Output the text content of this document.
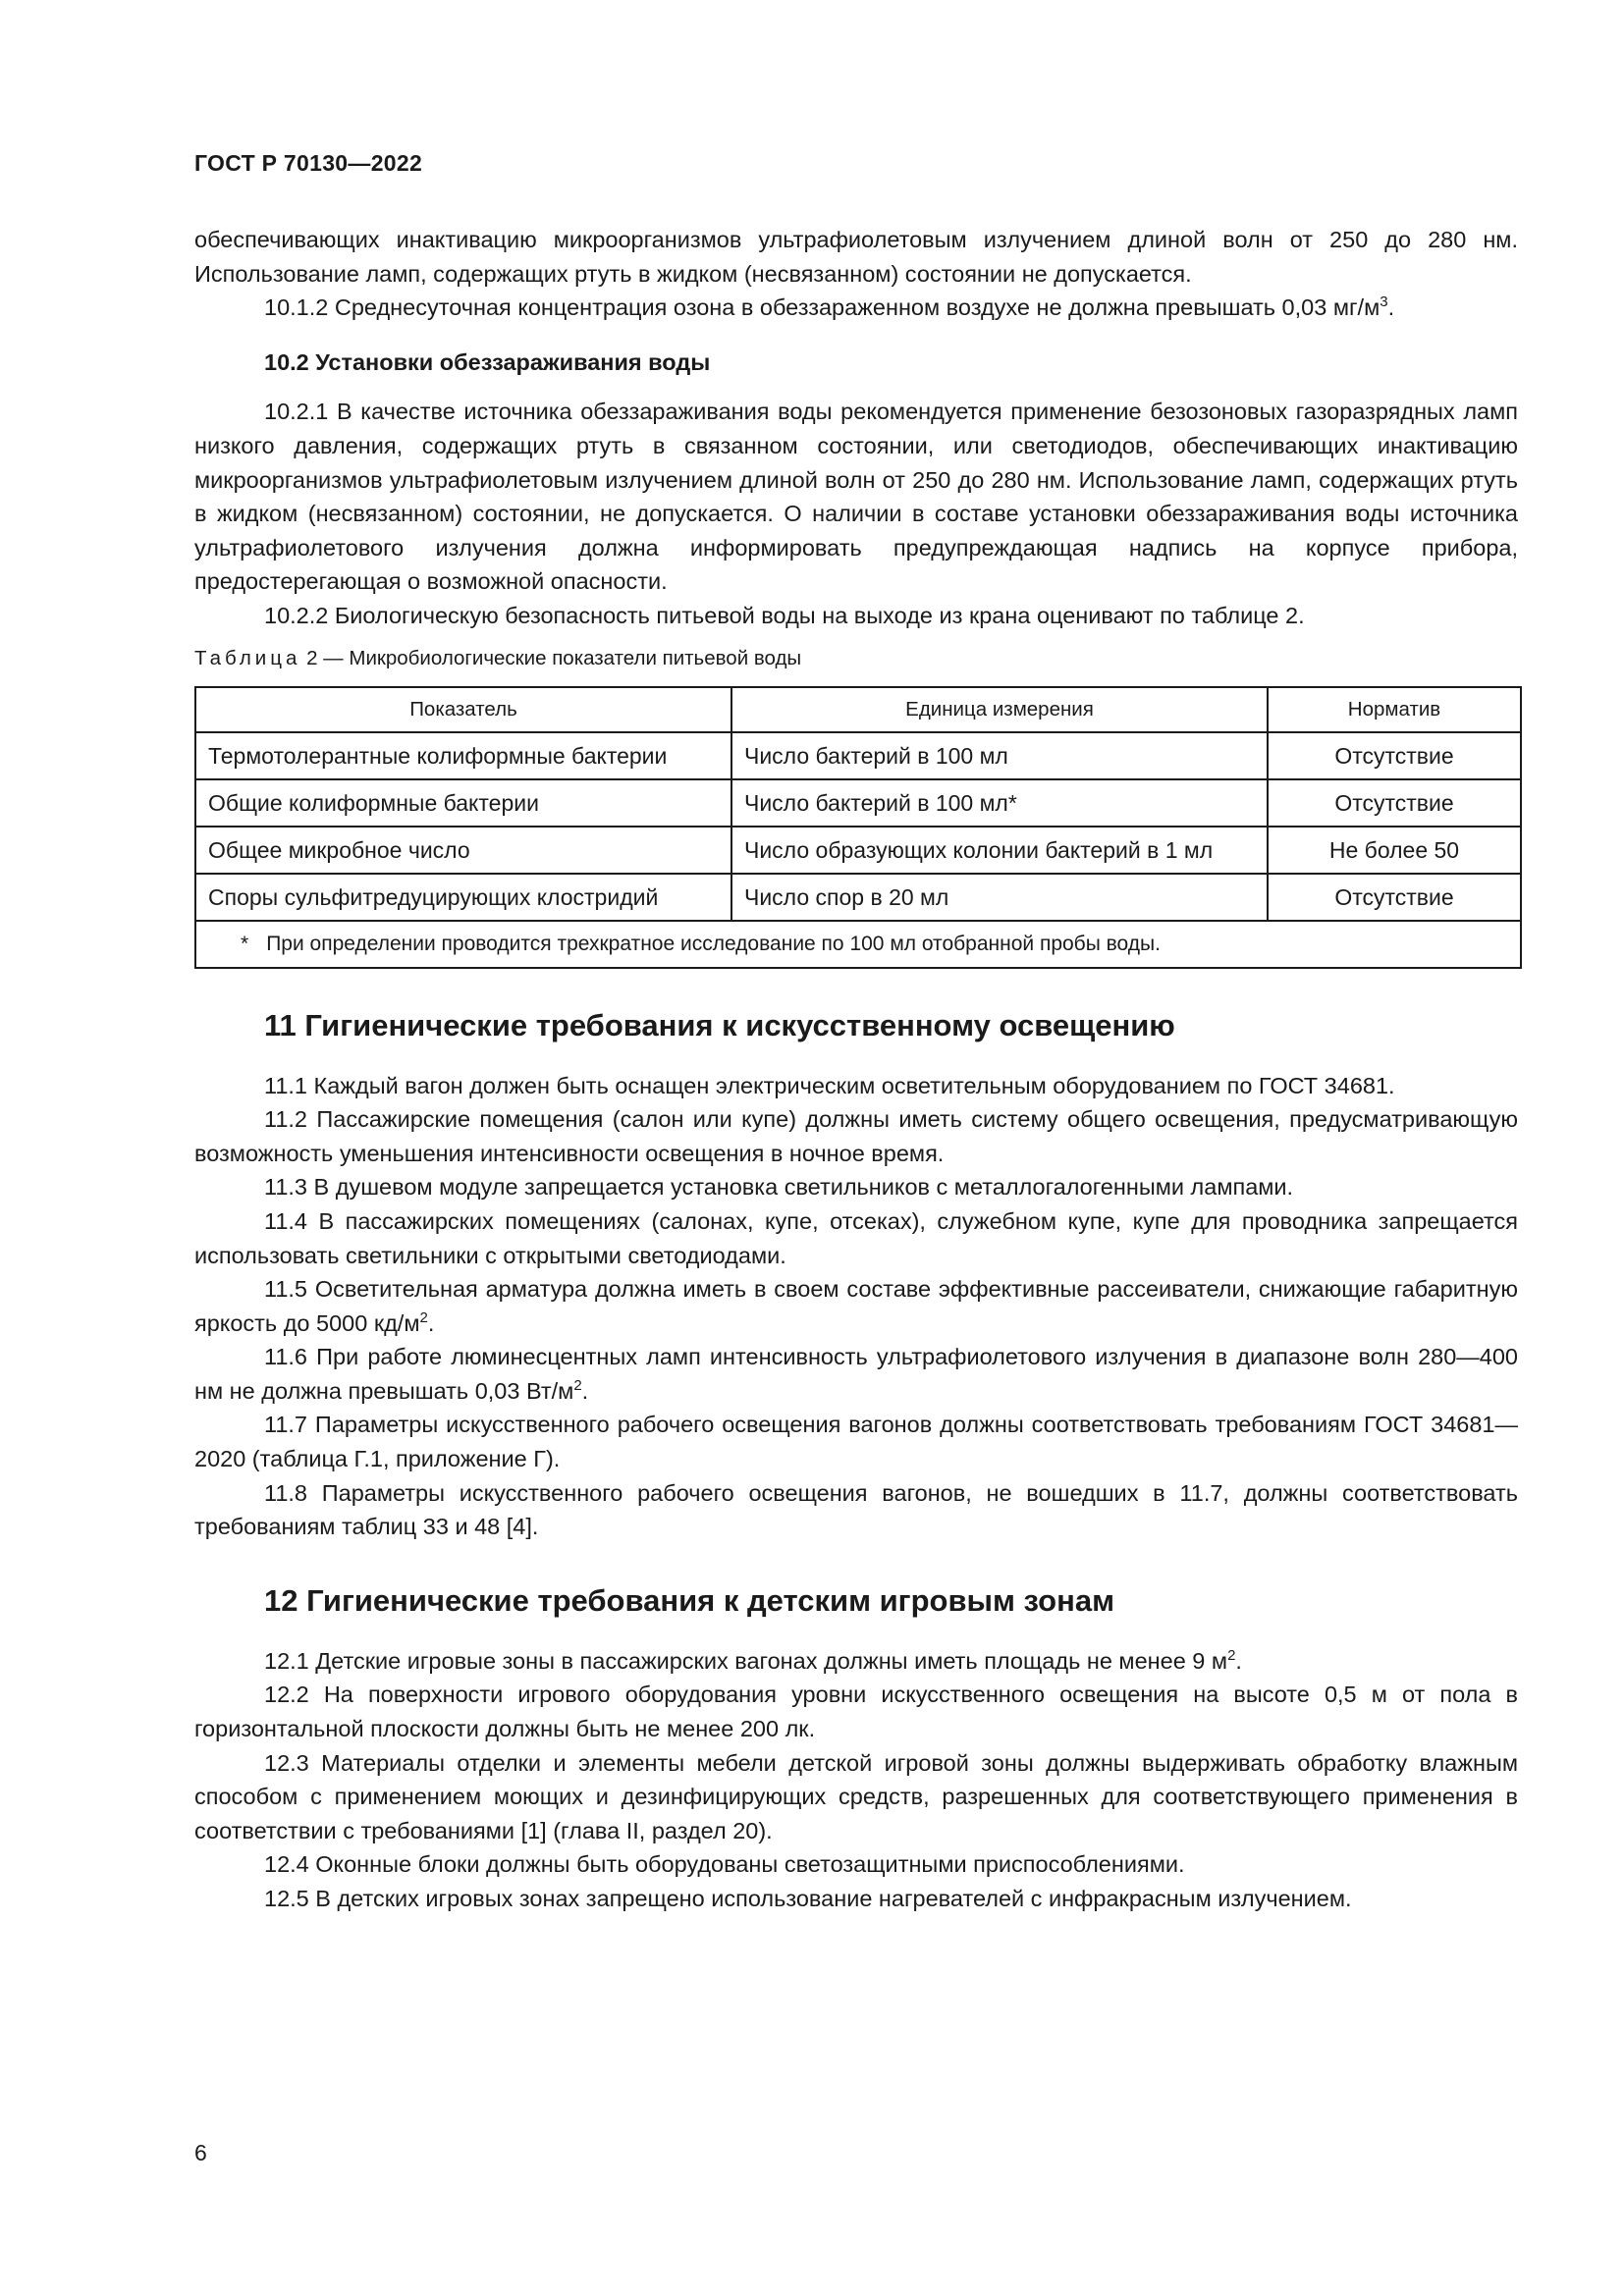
ГОСТ Р 70130—2022

обеспечивающих инактивацию микроорганизмов ультрафиолетовым излучением длиной волн от 250 до 280 нм. Использование ламп, содержащих ртуть в жидком (несвязанном) состоянии не допускается.

10.1.2 Среднесуточная концентрация озона в обеззараженном воздухе не должна превышать 0,03 $мг/м^3$.

10.2 Установки обеззараживания воды

10.2.1 В качестве источника обеззараживания воды рекомендуется применение безозоновых газоразрядных ламп низкого давления, содержащих ртуть в связанном состоянии, или светодиодов, обеспечивающих инактивацию микроорганизмов ультрафиолетовым излучением длиной волн от 250 до 280 нм. Использование ламп, содержащих ртуть в жидком (несвязанном) состоянии, не допускается. О наличии в составе установки обеззараживания воды источника ультрафиолетового излучения должна информировать предупреждающая надпись на корпусе прибора, предостерегающая о возможной опасности.

10.2.2 Биологическую безопасность питьевой воды на выходе из крана оценивают по таблице 2.

Таблица 2 — Микробиологические показатели питьевой воды
Показатель	Единица измерения	Норматив
Термотолерантные колиформные бактерии	Число бактерий в 100 мл	Отсутствие
Общие колиформные бактерии	Число бактерий в 100 мл*	Отсутствие
Общее микробное число	Число образующих колонии бактерий в 1 мл	Не более 50
Споры сульфитредуцирующих клостридий	Число спор в 20 мл	Отсутствие
* При определении проводится трехкратное исследование по 100 мл отобранной пробы воды.		
11 Гигиенические требования к искусственному освещению

11.1 Каждый вагон должен быть оснащен электрическим осветительным оборудованием по ГОСТ 34681.

11.2 Пассажирские помещения (салон или купе) должны иметь систему общего освещения, предусматривающую возможность уменьшения интенсивности освещения в ночное время.

11.3 В душевом модуле запрещается установка светильников с металлогалогенными лампами.

11.4 В пассажирских помещениях (салонах, купе, отсеках), служебном купе, купе для проводника запрещается использовать светильники с открытыми светодиодами.

11.5 Осветительная арматура должна иметь в своем составе эффективные рассеиватели, снижающие габаритную яркость до 5000 $кд/м^2$.

11.6 При работе люминесцентных ламп интенсивность ультрафиолетового излучения в диапазоне волн 280—400 нм не должна превышать 0,03 $Вт/м^2$.

11.7 Параметры искусственного рабочего освещения вагонов должны соответствовать требованиям ГОСТ 34681—2020 (таблица Г.1, приложение Г).

11.8 Параметры искусственного рабочего освещения вагонов, не вошедших в 11.7, должны соответствовать требованиям таблиц 33 и 48 [4].

12 Гигиенические требования к детским игровым зонам

12.1 Детские игровые зоны в пассажирских вагонах должны иметь площадь не менее 9 $м^2$.

12.2 На поверхности игрового оборудования уровни искусственного освещения на высоте 0,5 м от пола в горизонтальной плоскости должны быть не менее 200 лк.

12.3 Материалы отделки и элементы мебели детской игровой зоны должны выдерживать обработку влажным способом с применением моющих и дезинфицирующих средств, разрешенных для соответствующего применения в соответствии с требованиями [1] (глава II, раздел 20).

12.4 Оконные блоки должны быть оборудованы светозащитными приспособлениями.

12.5 В детских игровых зонах запрещено использование нагревателей с инфракрасным излучением.

6
